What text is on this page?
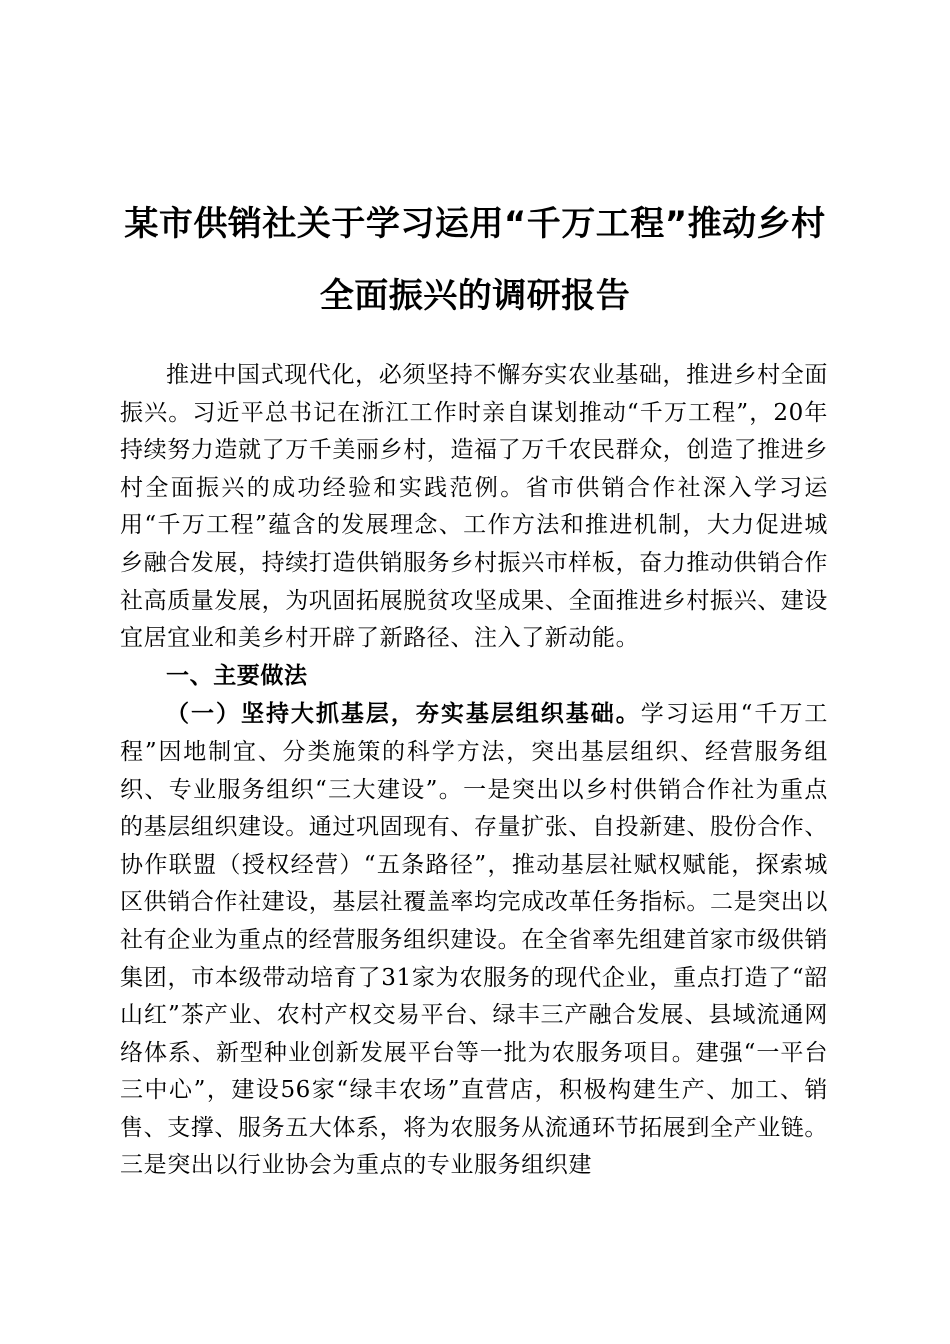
某市供销社关于学习运用“千万工程”推动乡村全面振兴的调研报告

推进中国式现代化，必须坚持不懈夯实农业基础，推进乡村全面振兴。习近平总书记在浙江工作时亲自谋划推动“千万工程”，20年持续努力造就了万千美丽乡村，造福了万千农民群众，创造了推进乡村全面振兴的成功经验和实践范例。省市供销合作社深入学习运用“千万工程”蕴含的发展理念、工作方法和推进机制，大力促进城乡融合发展，持续打造供销服务乡村振兴市样板，奋力推动供销合作社高质量发展，为巩固拓展脱贫攻坚成果、全面推进乡村振兴、建设宜居宜业和美乡村开辟了新路径、注入了新动能。

一、主要做法

（一）坚持大抓基层，夯实基层组织基础。学习运用“千万工程”因地制宜、分类施策的科学方法，突出基层组织、经营服务组织、专业服务组织“三大建设”。一是突出以乡村供销合作社为重点的基层组织建设。通过巩固现有、存量扩张、自投新建、股份合作、协作联盟（授权经营）“五条路径”，推动基层社赋权赋能，探索城区供销合作社建设，基层社覆盖率均完成改革任务指标。二是突出以社有企业为重点的经营服务组织建设。在全省率先组建首家市级供销集团，市本级带动培育了31家为农服务的现代企业，重点打造了“韶山红”茶产业、农村产权交易平台、绿丰三产融合发展、县域流通网络体系、新型种业创新发展平台等一批为农服务项目。建强“一平台三中心”，建设56家“绿丰农场”直营店，积极构建生产、加工、销售、支撑、服务五大体系，将为农服务从流通环节拓展到全产业链。三是突出以行业协会为重点的专业服务组织建
